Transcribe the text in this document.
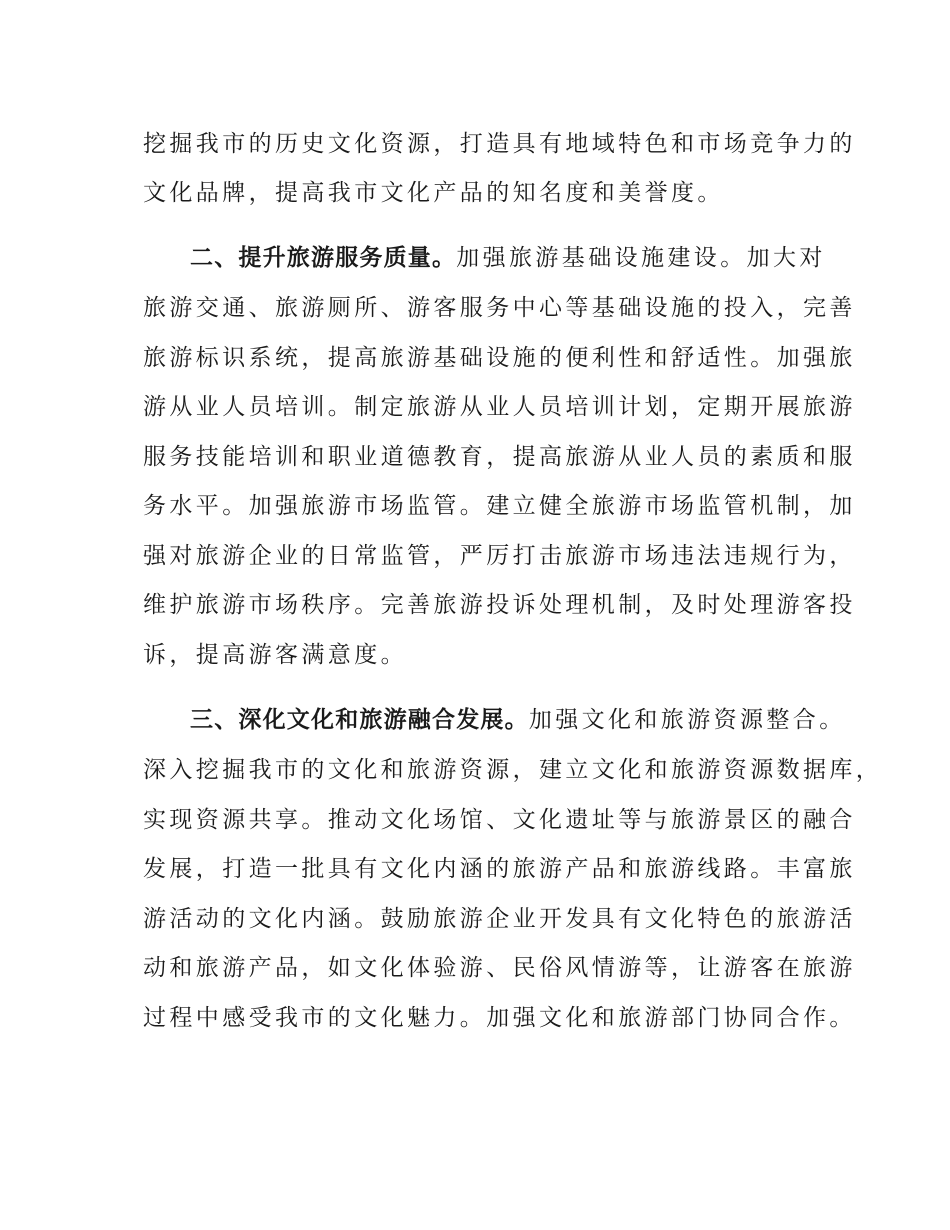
挖掘我市的历史文化资源，打造具有地域特色和市场竞争力的
文化品牌，提高我市文化产品的知名度和美誉度。
二、提升旅游服务质量。加强旅游基础设施建设。加大对
旅游交通、旅游厕所、游客服务中心等基础设施的投入，完善
旅游标识系统，提高旅游基础设施的便利性和舒适性。加强旅
游从业人员培训。制定旅游从业人员培训计划，定期开展旅游
服务技能培训和职业道德教育，提高旅游从业人员的素质和服
务水平。加强旅游市场监管。建立健全旅游市场监管机制，加
强对旅游企业的日常监管，严厉打击旅游市场违法违规行为，
维护旅游市场秩序。完善旅游投诉处理机制，及时处理游客投
诉，提高游客满意度。
三、深化文化和旅游融合发展。加强文化和旅游资源整合。
深入挖掘我市的文化和旅游资源，建立文化和旅游资源数据库，
实现资源共享。推动文化场馆、文化遗址等与旅游景区的融合
发展，打造一批具有文化内涵的旅游产品和旅游线路。丰富旅
游活动的文化内涵。鼓励旅游企业开发具有文化特色的旅游活
动和旅游产品，如文化体验游、民俗风情游等，让游客在旅游
过程中感受我市的文化魅力。加强文化和旅游部门协同合作。
